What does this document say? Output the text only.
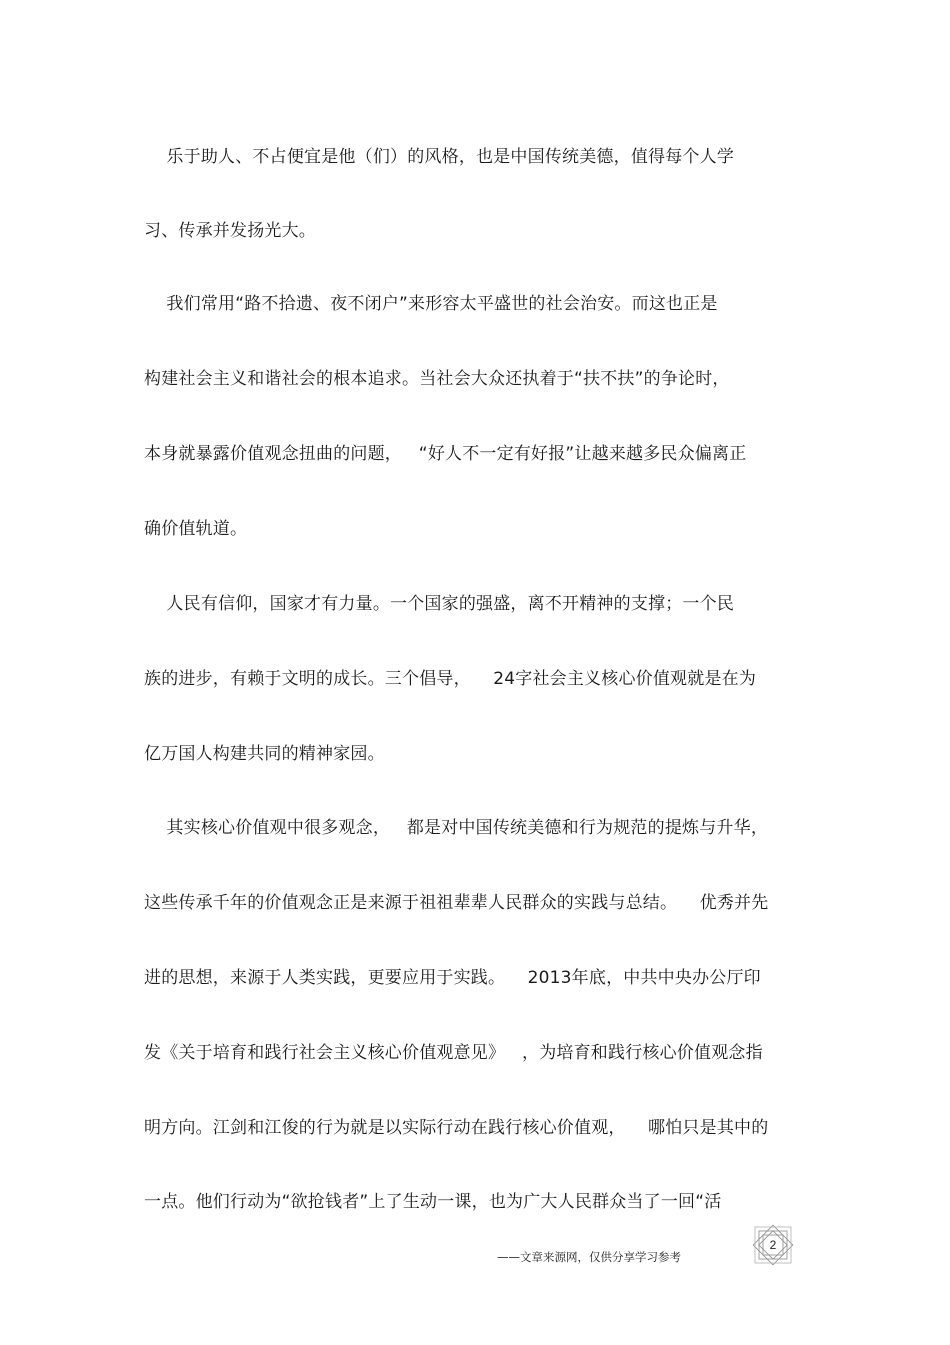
乐于助人、不占便宜是他（们）的风格，也是中国传统美德，值得每个人学
习、传承并发扬光大。
我们常用“路不拾遗、夜不闭户”来形容太平盛世的社会治安。而这也正是
构建社会主义和谐社会的根本追求。当社会大众还执着于“扶不扶”的争论时，
本身就暴露价值观念扭曲的问题，   “好人不一定有好报”让越来越多民众偏离正
确价值轨道。
人民有信仰，国家才有力量。一个国家的强盛，离不开精神的支撑；一个民
族的进步，有赖于文明的成长。三个倡导，    24字社会主义核心价值观就是在为
亿万国人构建共同的精神家园。
其实核心价值观中很多观念，   都是对中国传统美德和行为规范的提炼与升华，
这些传承千年的价值观念正是来源于祖祖辈辈人民群众的实践与总结。    优秀并先
进的思想，来源于人类实践，更要应用于实践。    2013年底，中共中央办公厅印
发《关于培育和践行社会主义核心价值观意见》   ，为培育和践行核心价值观念指
明方向。江剑和江俊的行为就是以实际行动在践行核心价值观，    哪怕只是其中的
一点。他们行动为“欲抢钱者”上了生动一课，也为广大人民群众当了一回“活
——文章来源网，仅供分享学习参考
2
